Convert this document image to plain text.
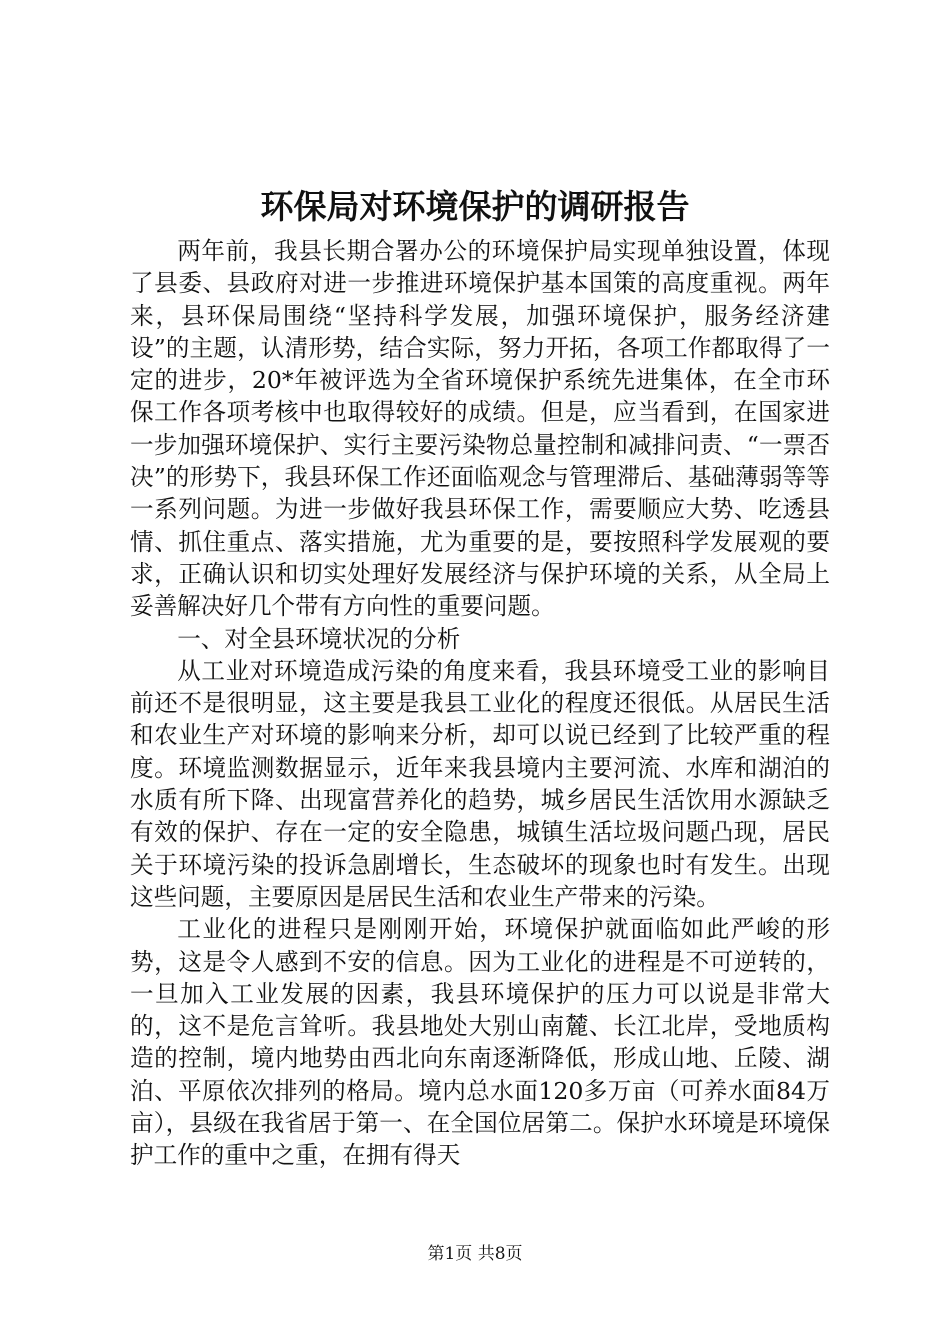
环保局对环境保护的调研报告

两年前，我县长期合署办公的环境保护局实现单独设置，体现了县委、县政府对进一步推进环境保护基本国策的高度重视。两年来，县环保局围绕“坚持科学发展，加强环境保护，服务经济建设”的主题，认清形势，结合实际，努力开拓，各项工作都取得了一定的进步，20*年被评选为全省环境保护系统先进集体，在全市环保工作各项考核中也取得较好的成绩。但是，应当看到，在国家进一步加强环境保护、实行主要污染物总量控制和减排问责、“一票否决”的形势下，我县环保工作还面临观念与管理滞后、基础薄弱等等一系列问题。为进一步做好我县环保工作，需要顺应大势、吃透县情、抓住重点、落实措施，尤为重要的是，要按照科学发展观的要求，正确认识和切实处理好发展经济与保护环境的关系，从全局上妥善解决好几个带有方向性的重要问题。

一、对全县环境状况的分析

从工业对环境造成污染的角度来看，我县环境受工业的影响目前还不是很明显，这主要是我县工业化的程度还很低。从居民生活和农业生产对环境的影响来分析，却可以说已经到了比较严重的程度。环境监测数据显示，近年来我县境内主要河流、水库和湖泊的水质有所下降、出现富营养化的趋势，城乡居民生活饮用水源缺乏有效的保护、存在一定的安全隐患，城镇生活垃圾问题凸现，居民关于环境污染的投诉急剧增长，生态破坏的现象也时有发生。出现这些问题，主要原因是居民生活和农业生产带来的污染。

工业化的进程只是刚刚开始，环境保护就面临如此严峻的形势，这是令人感到不安的信息。因为工业化的进程是不可逆转的，一旦加入工业发展的因素，我县环境保护的压力可以说是非常大的，这不是危言耸听。我县地处大别山南麓、长江北岸，受地质构造的控制，境内地势由西北向东南逐渐降低，形成山地、丘陵、湖泊、平原依次排列的格局。境内总水面120多万亩（可养水面84万亩），县级在我省居于第一、在全国位居第二。保护水环境是环境保护工作的重中之重，在拥有得天

第1页 共8页
